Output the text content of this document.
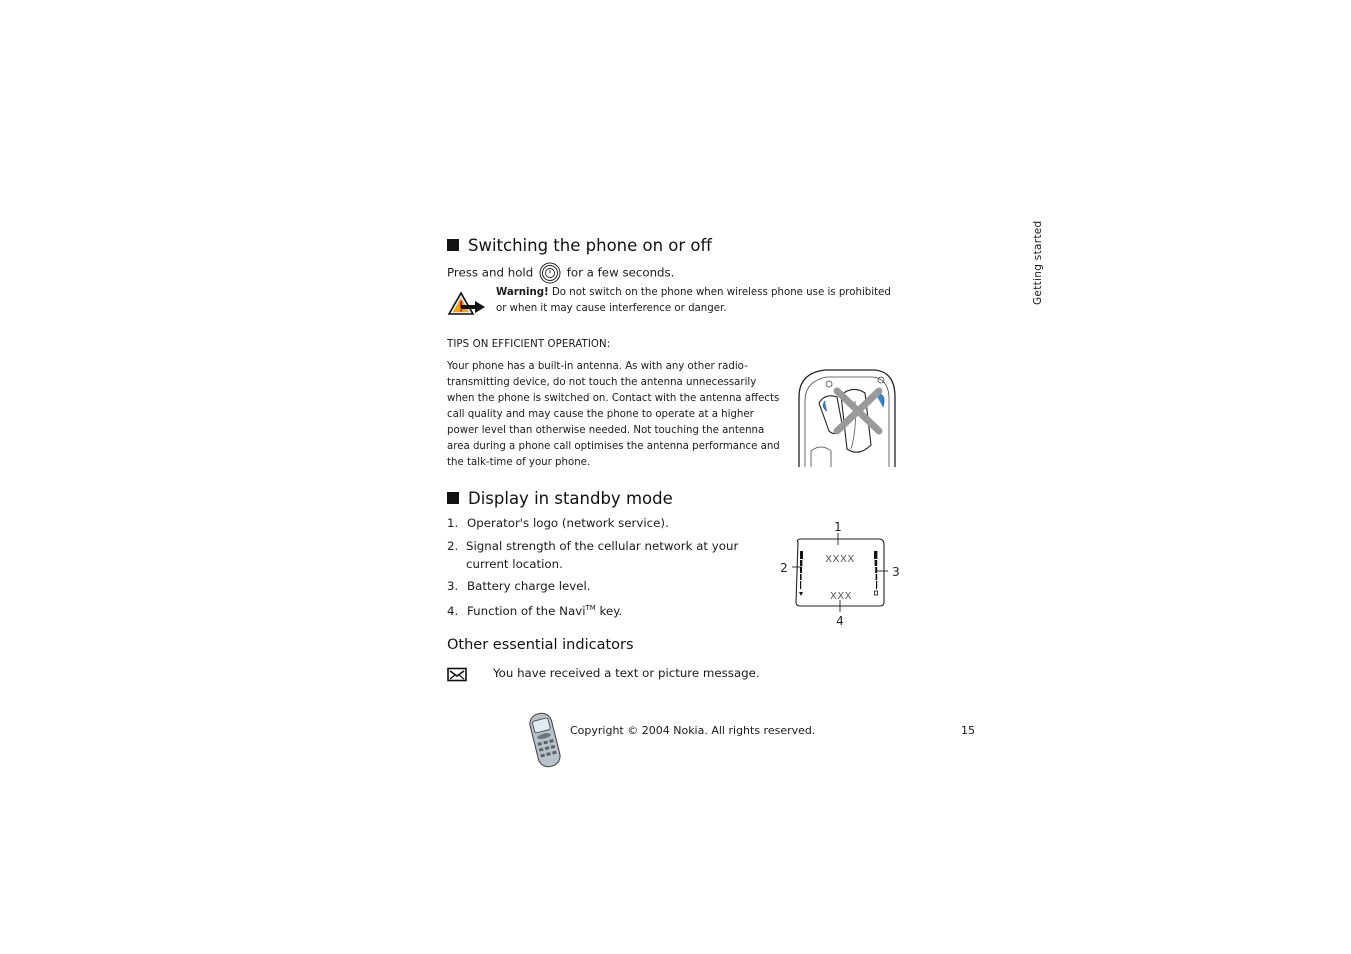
Getting started
Switching the phone on or off
Press and hold	for a few seconds.
Warning! Do not switch on the phone when wireless phone use is prohibited or when it may cause interference or danger.
TIPS ON EFFICIENT OPERATION:
Your phone has a built-in antenna. As with any other radio-transmitting device, do not touch the antenna unnecessarily when the phone is switched on. Contact with the antenna affects call quality and may cause the phone to operate at a higher power level than otherwise needed. Not touching the antenna area during a phone call optimises the antenna performance and the talk-time of your phone.
Display in standby mode
1. Operator's logo (network service).
2. Signal strength of the cellular network at your current location.
3. Battery charge level.
4. Function of the Navi™ key.
1
2	3
4
XXXX
XXX
Other essential indicators
You have received a text or picture message.
Copyright © 2004 Nokia. All rights reserved.	15
